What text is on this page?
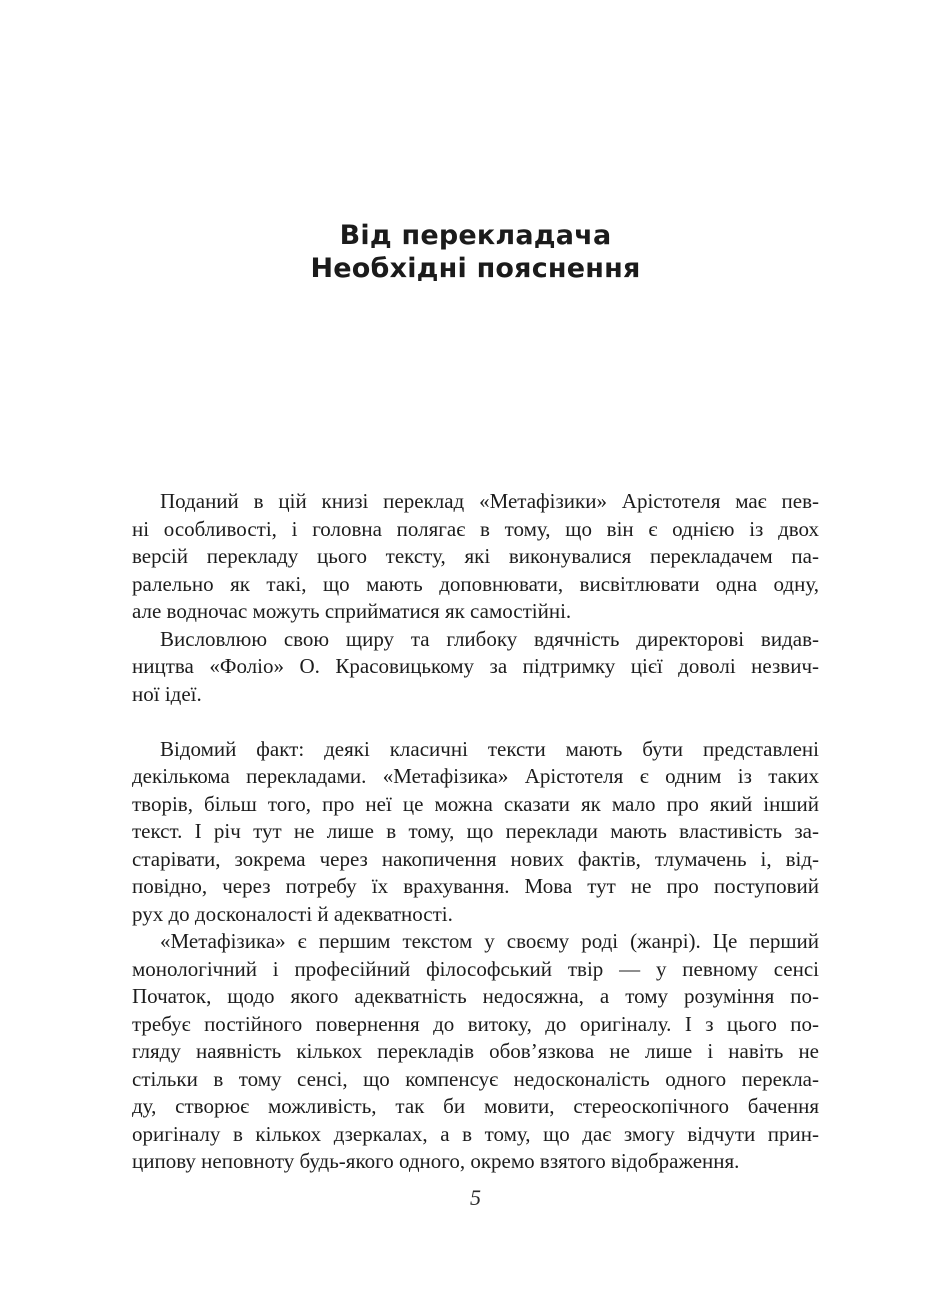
Від перекладача
Необхідні пояснення
Поданий в цій книзі переклад «Метафізики» Арістотеля має пев-
ні особливості, і головна полягає в тому, що він є однією із двох
версій перекладу цього тексту, які виконувалися перекладачем па-
ралельно як такі, що мають доповнювати, висвітлювати одна одну,
але водночас можуть сприйматися як самостійні.
Висловлюю свою щиру та глибоку вдячність директорові видав-
ництва «Фоліо» О. Красовицькому за підтримку цієї доволі незвич-
ної ідеї.
Відомий факт: деякі класичні тексти мають бути представлені
декількома перекладами. «Метафізика» Арістотеля є одним із таких
творів, більш того, про неї це можна сказати як мало про який інший
текст. І річ тут не лише в тому, що переклади мають властивість за-
старівати, зокрема через накопичення нових фактів, тлумачень і, від-
повідно, через потребу їх врахування. Мова тут не про поступовий
рух до досконалості й адекватності.
«Метафізика» є першим текстом у своєму роді (жанрі). Це перший
монологічний і професійний філософський твір — у певному сенсі
Початок, щодо якого адекватність недосяжна, а тому розуміння по-
требує постійного повернення до витоку, до оригіналу. І з цього по-
гляду наявність кількох перекладів обов’язкова не лише і навіть не
стільки в тому сенсі, що компенсує недосконалість одного перекла-
ду, створює можливість, так би мовити, стереоскопічного бачення
оригіналу в кількох дзеркалах, а в тому, що дає змогу відчути прин-
ципову неповноту будь-якого одного, окремо взятого відображення.
5
